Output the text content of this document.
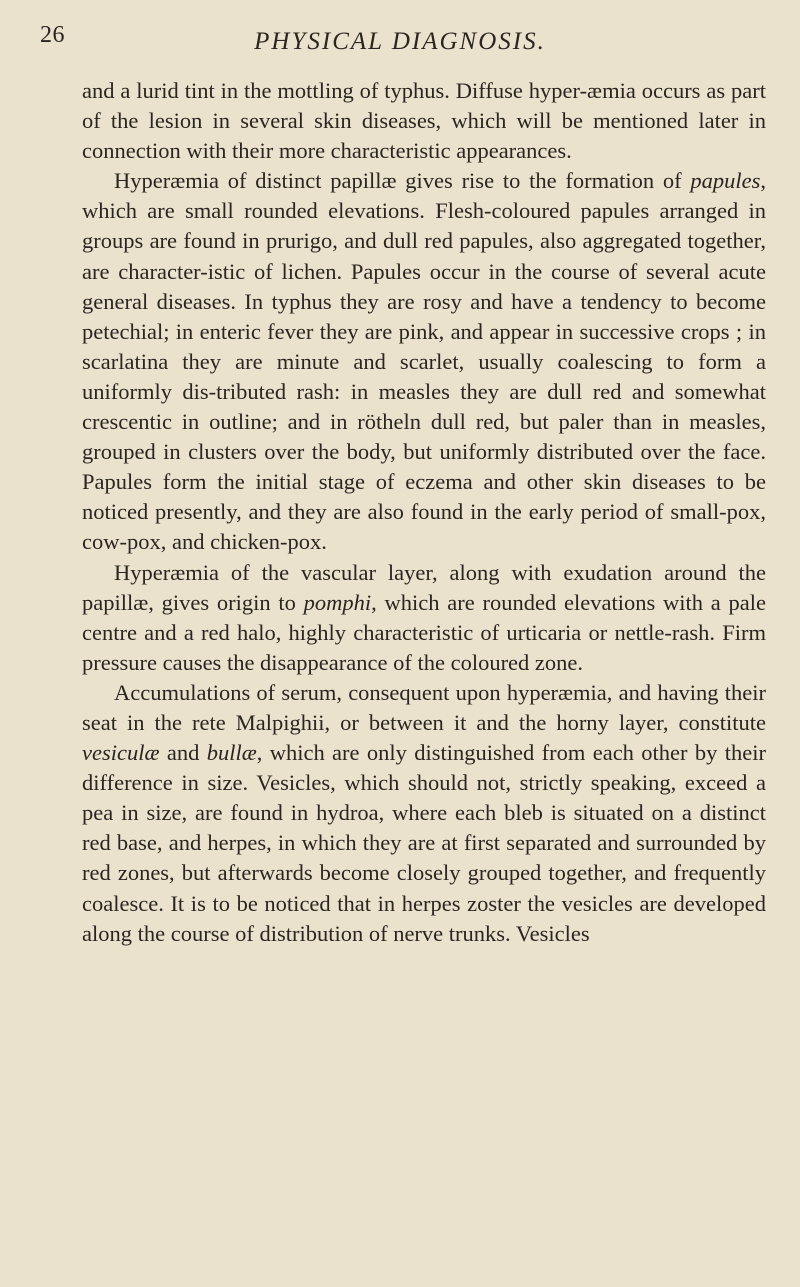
26	PHYSICAL DIAGNOSIS.

and a lurid tint in the mottling of typhus. Diffuse hyper-æmia occurs as part of the lesion in several skin diseases, which will be mentioned later in connection with their more characteristic appearances.

Hyperæmia of distinct papillæ gives rise to the formation of papules, which are small rounded elevations. Flesh-coloured papules arranged in groups are found in prurigo, and dull red papules, also aggregated together, are character-istic of lichen. Papules occur in the course of several acute general diseases. In typhus they are rosy and have a tendency to become petechial; in enteric fever they are pink, and appear in successive crops ; in scarlatina they are minute and scarlet, usually coalescing to form a uniformly dis-tributed rash: in measles they are dull red and somewhat crescentic in outline; and in rötheln dull red, but paler than in measles, grouped in clusters over the body, but uniformly distributed over the face. Papules form the initial stage of eczema and other skin diseases to be noticed presently, and they are also found in the early period of small-pox, cow-pox, and chicken-pox.

Hyperæmia of the vascular layer, along with exudation around the papillæ, gives origin to pomphi, which are rounded elevations with a pale centre and a red halo, highly characteristic of urticaria or nettle-rash. Firm pressure causes the disappearance of the coloured zone.

Accumulations of serum, consequent upon hyperæmia, and having their seat in the rete Malpighii, or between it and the horny layer, constitute vesiculæ and bullæ, which are only distinguished from each other by their difference in size. Vesicles, which should not, strictly speaking, exceed a pea in size, are found in hydroa, where each bleb is situated on a distinct red base, and herpes, in which they are at first separated and surrounded by red zones, but afterwards become closely grouped together, and frequently coalesce. It is to be noticed that in herpes zoster the vesicles are developed along the course of distribution of nerve trunks. Vesicles
